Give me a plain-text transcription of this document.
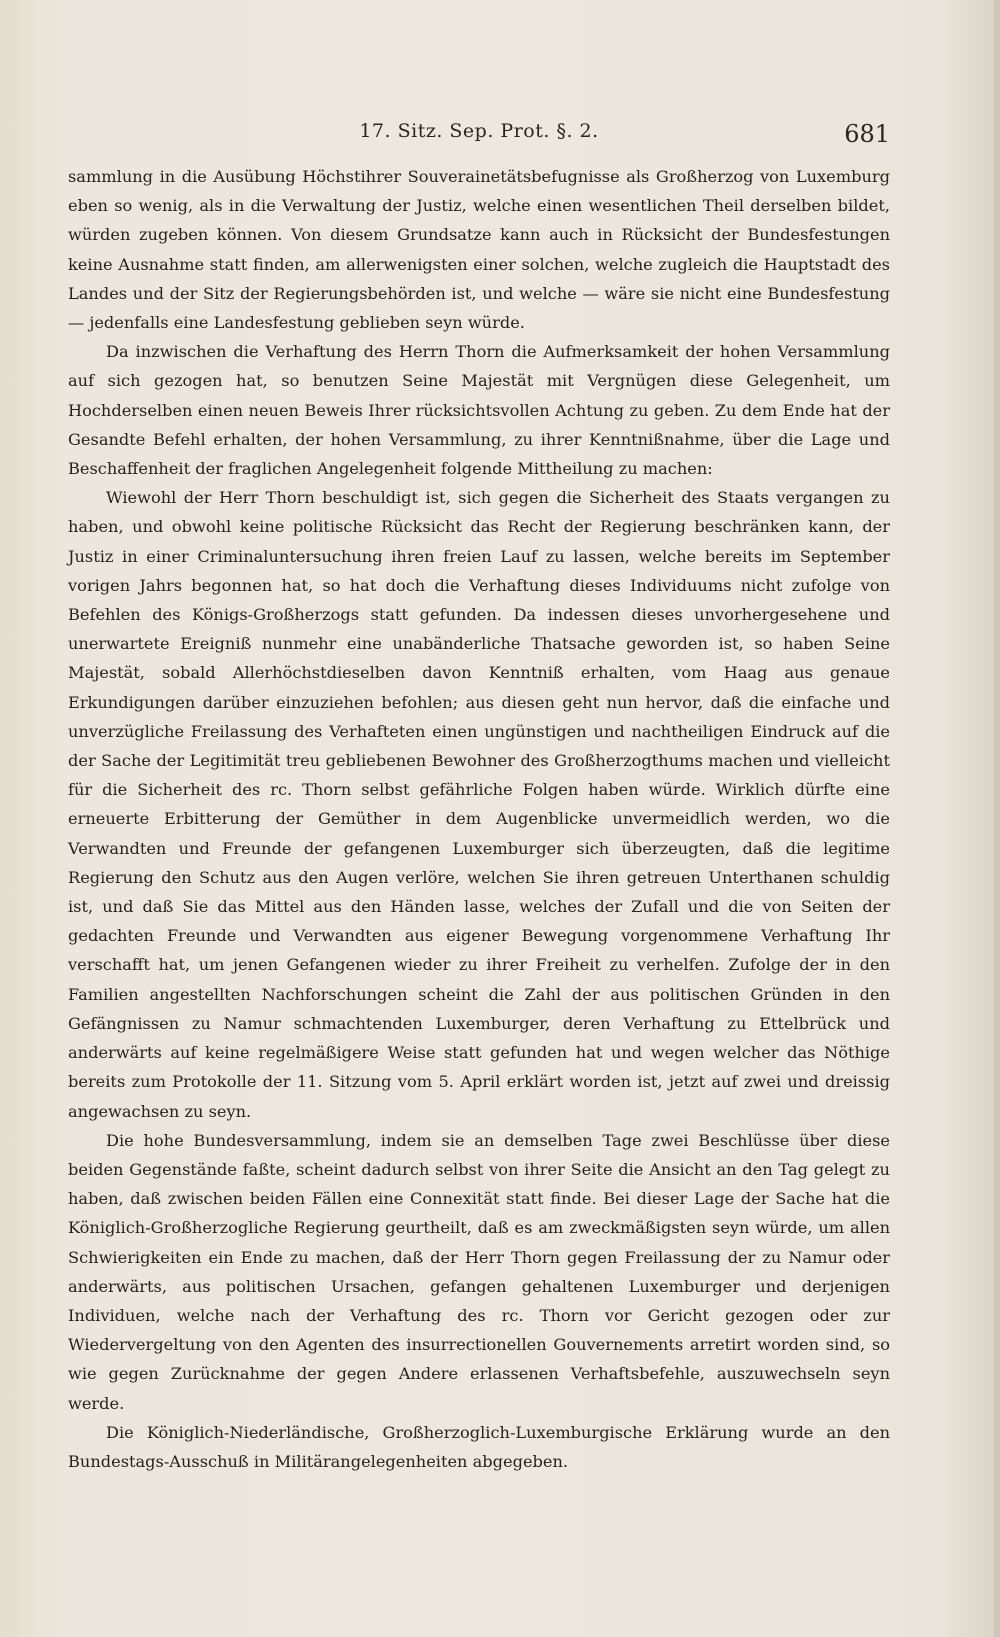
17. Sitz. Sep. Prot. §. 2.	681

sammlung in die Ausübung Höchstihrer Souverainetätsbefugnisse als Großherzog von Luxemburg eben so wenig, als in die Verwaltung der Justiz, welche einen wesentlichen Theil derselben bildet, würden zugeben können. Von diesem Grundsatze kann auch in Rücksicht der Bundesfestungen keine Ausnahme statt finden, am allerwenigsten einer solchen, welche zugleich die Hauptstadt des Landes und der Sitz der Regierungsbehörden ist, und welche — wäre sie nicht eine Bundesfestung — jedenfalls eine Landesfestung geblieben seyn würde.

Da inzwischen die Verhaftung des Herrn Thorn die Aufmerksamkeit der hohen Versammlung auf sich gezogen hat, so benutzen Seine Majestät mit Vergnügen diese Gelegenheit, um Hochderselben einen neuen Beweis Ihrer rücksichtsvollen Achtung zu geben. Zu dem Ende hat der Gesandte Befehl erhalten, der hohen Versammlung, zu ihrer Kenntnißnahme, über die Lage und Beschaffenheit der fraglichen Angelegenheit folgende Mittheilung zu machen:

Wiewohl der Herr Thorn beschuldigt ist, sich gegen die Sicherheit des Staats vergangen zu haben, und obwohl keine politische Rücksicht das Recht der Regierung beschränken kann, der Justiz in einer Criminaluntersuchung ihren freien Lauf zu lassen, welche bereits im September vorigen Jahrs begonnen hat, so hat doch die Verhaftung dieses Individuums nicht zufolge von Befehlen des Königs-Großherzogs statt gefunden. Da indessen dieses unvorhergesehene und unerwartete Ereigniß nunmehr eine unabänderliche Thatsache geworden ist, so haben Seine Majestät, sobald Allerhöchstdieselben davon Kenntniß erhalten, vom Haag aus genaue Erkundigungen darüber einzuziehen befohlen; aus diesen geht nun hervor, daß die einfache und unverzügliche Freilassung des Verhafteten einen ungünstigen und nachtheiligen Eindruck auf die der Sache der Legitimität treu gebliebenen Bewohner des Großherzogthums machen und vielleicht für die Sicherheit des rc. Thorn selbst gefährliche Folgen haben würde. Wirklich dürfte eine erneuerte Erbitterung der Gemüther in dem Augenblicke unvermeidlich werden, wo die Verwandten und Freunde der gefangenen Luxemburger sich überzeugten, daß die legitime Regierung den Schutz aus den Augen verlöre, welchen Sie ihren getreuen Unterthanen schuldig ist, und daß Sie das Mittel aus den Händen lasse, welches der Zufall und die von Seiten der gedachten Freunde und Verwandten aus eigener Bewegung vorgenommene Verhaftung Ihr verschafft hat, um jenen Gefangenen wieder zu ihrer Freiheit zu verhelfen. Zufolge der in den Familien angestellten Nachforschungen scheint die Zahl der aus politischen Gründen in den Gefängnissen zu Namur schmachtenden Luxemburger, deren Verhaftung zu Ettelbrück und anderwärts auf keine regelmäßigere Weise statt gefunden hat und wegen welcher das Nöthige bereits zum Protokolle der 11. Sitzung vom 5. April erklärt worden ist, jetzt auf zwei und dreissig angewachsen zu seyn.

Die hohe Bundesversammlung, indem sie an demselben Tage zwei Beschlüsse über diese beiden Gegenstände faßte, scheint dadurch selbst von ihrer Seite die Ansicht an den Tag gelegt zu haben, daß zwischen beiden Fällen eine Connexität statt finde. Bei dieser Lage der Sache hat die Königlich-Großherzogliche Regierung geurtheilt, daß es am zweckmäßigsten seyn würde, um allen Schwierigkeiten ein Ende zu machen, daß der Herr Thorn gegen Freilassung der zu Namur oder anderwärts, aus politischen Ursachen, gefangen gehaltenen Luxemburger und derjenigen Individuen, welche nach der Verhaftung des rc. Thorn vor Gericht gezogen oder zur Wiedervergeltung von den Agenten des insurrectionellen Gouvernements arretirt worden sind, so wie gegen Zurücknahme der gegen Andere erlassenen Verhaftsbefehle, auszuwechseln seyn werde.

Die Königlich-Niederländische, Großherzoglich-Luxemburgische Erklärung wurde an den Bundestags-Ausschuß in Militärangelegenheiten abgegeben.
